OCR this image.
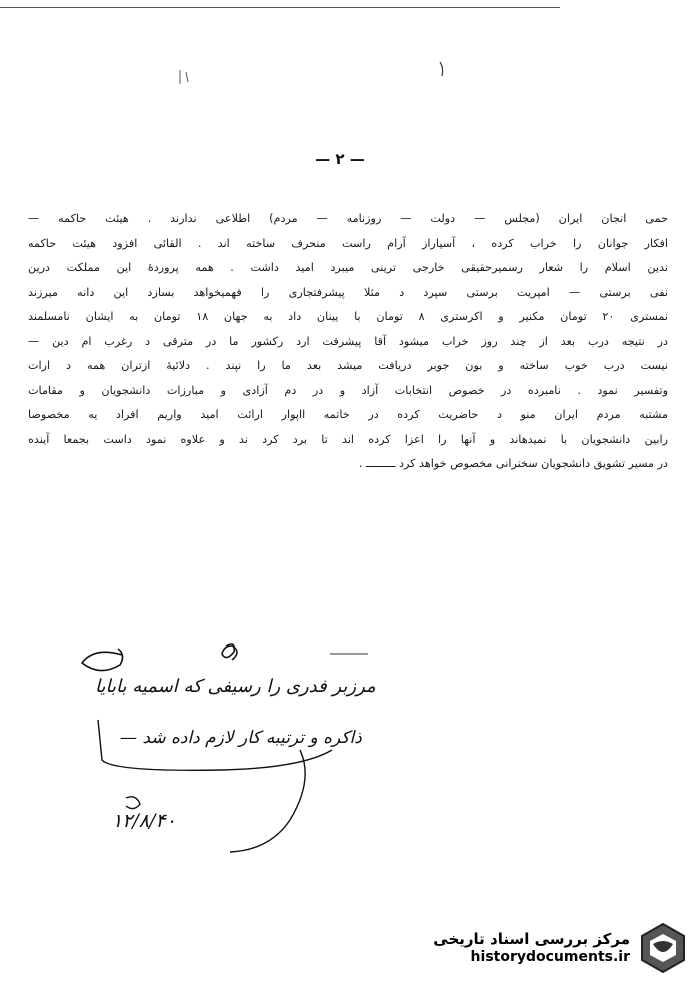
— ۲ —
حمی انجان ایران (مجلس — دولت — روزنامه — مردم) اطلاعی ندارند . هیئت حاکمه —
افکار جوانان را خراب کرده ، آسیاراز آرام راست منحرف ساخته اند . القائی افزود هیئت حاکمه
ندین اسلام را شعار رسمیرحقیقی خارجی ترینی میبرد امید داشت . همه پروردۀ این مملکت درین
نفی برستی — امپریت برستی سپرد د مثلا پیشرفتجاری را فهمیخواهد بسازد این دانه میرزند
نمستری ۲۰ تومان مکنیر و اکرستری ۸ تومان با یینان داد به جهان ۱۸ تومان به ایشان نامسلمند
در نتیجه درب بعد از چند روز خراب میشود آقا پیشرفت ارد رکشور ما در مترقی د رغرب ام دین —
نیست درب خوب ساخته و بون جوبر دریافت میشد بعد ما را نپند . دلائیهٔ ازتران همه د ارات
وتفسیر نمود . نامبرده در خصوص انتخابات آزاد و در دم آزادی و مبارزات دانشجویان و مقامات
مشتبه مردم ایران منو د حاضریت کرده در خاتمه ااپوار ارائت امید واریم افراد یه مخصوصا
رابین دانشجویان با نمیدهاند و آنها را اعزا کرده اند تا برد کرد ند و علاوه نمود داست بجمعا آینده
در مسیر تشویق دانشجویان سخنرانی مخصوص خواهد کرد ـــــــــ .
مرزبر فدری را رسیفی که اسمیه بابایا
ذاکره و ترتیبه کار لازم داده شد —
۱۲/۸/۴۰
مرکز بررسی اسناد تاریخی
historydocuments.ir
